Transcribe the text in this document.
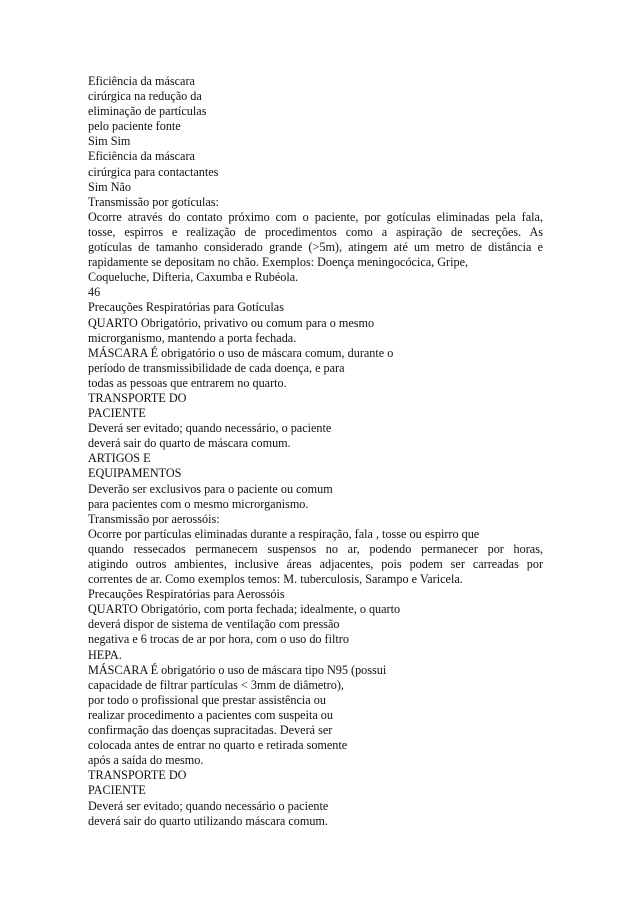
Eficiência da máscara
cirúrgica na redução da
eliminação de partículas
pelo paciente fonte
Sim Sim
Eficiência da máscara
cirúrgica para contactantes
Sim Não
Transmissão por gotículas:
Ocorre através do contato próximo com o paciente, por gotículas eliminadas pela fala,
tosse, espirros e realização de procedimentos como a aspiração de secreções. As
gotículas de tamanho considerado grande (>5m), atingem até um metro de distância e
rapidamente se depositam no chão. Exemplos: Doença meningocócica, Gripe,
Coqueluche, Difteria, Caxumba e Rubéola.
46
Precauções Respiratórias para Gotículas
QUARTO Obrigatório, privativo ou comum para o mesmo
microrganismo, mantendo a porta fechada.
MÁSCARA É obrigatório o uso de máscara comum, durante o
período de transmissibilidade de cada doença, e para
todas as pessoas que entrarem no quarto.
TRANSPORTE DO
PACIENTE
Deverá ser evitado; quando necessário, o paciente
deverá sair do quarto de máscara comum.
ARTIGOS E
EQUIPAMENTOS
Deverão ser exclusivos para o paciente ou comum
para pacientes com o mesmo microrganismo.
Transmissão por aerossóis:
Ocorre por partículas eliminadas durante a respiração, fala , tosse ou espirro que
quando ressecados permanecem suspensos no ar, podendo permanecer por horas,
atigindo outros ambientes, inclusive áreas adjacentes, pois podem ser carreadas por
correntes de ar. Como exemplos temos: M. tuberculosis, Sarampo e Varicela.
Precauções Respiratórias para Aerossóis
QUARTO Obrigatório, com porta fechada; idealmente, o quarto
deverá dispor de sistema de ventilação com pressão
negativa e 6 trocas de ar por hora, com o uso do filtro
HEPA.
MÁSCARA É obrigatório o uso de máscara tipo N95 (possui
capacidade de filtrar partículas < 3mm de diâmetro),
por todo o profissional que prestar assistência ou
realizar procedimento a pacientes com suspeita ou
confirmação das doenças supracitadas. Deverá ser
colocada antes de entrar no quarto e retirada somente
após a saída do mesmo.
TRANSPORTE DO
PACIENTE
Deverá ser evitado; quando necessário o paciente
deverá sair do quarto utilizando máscara comum.
